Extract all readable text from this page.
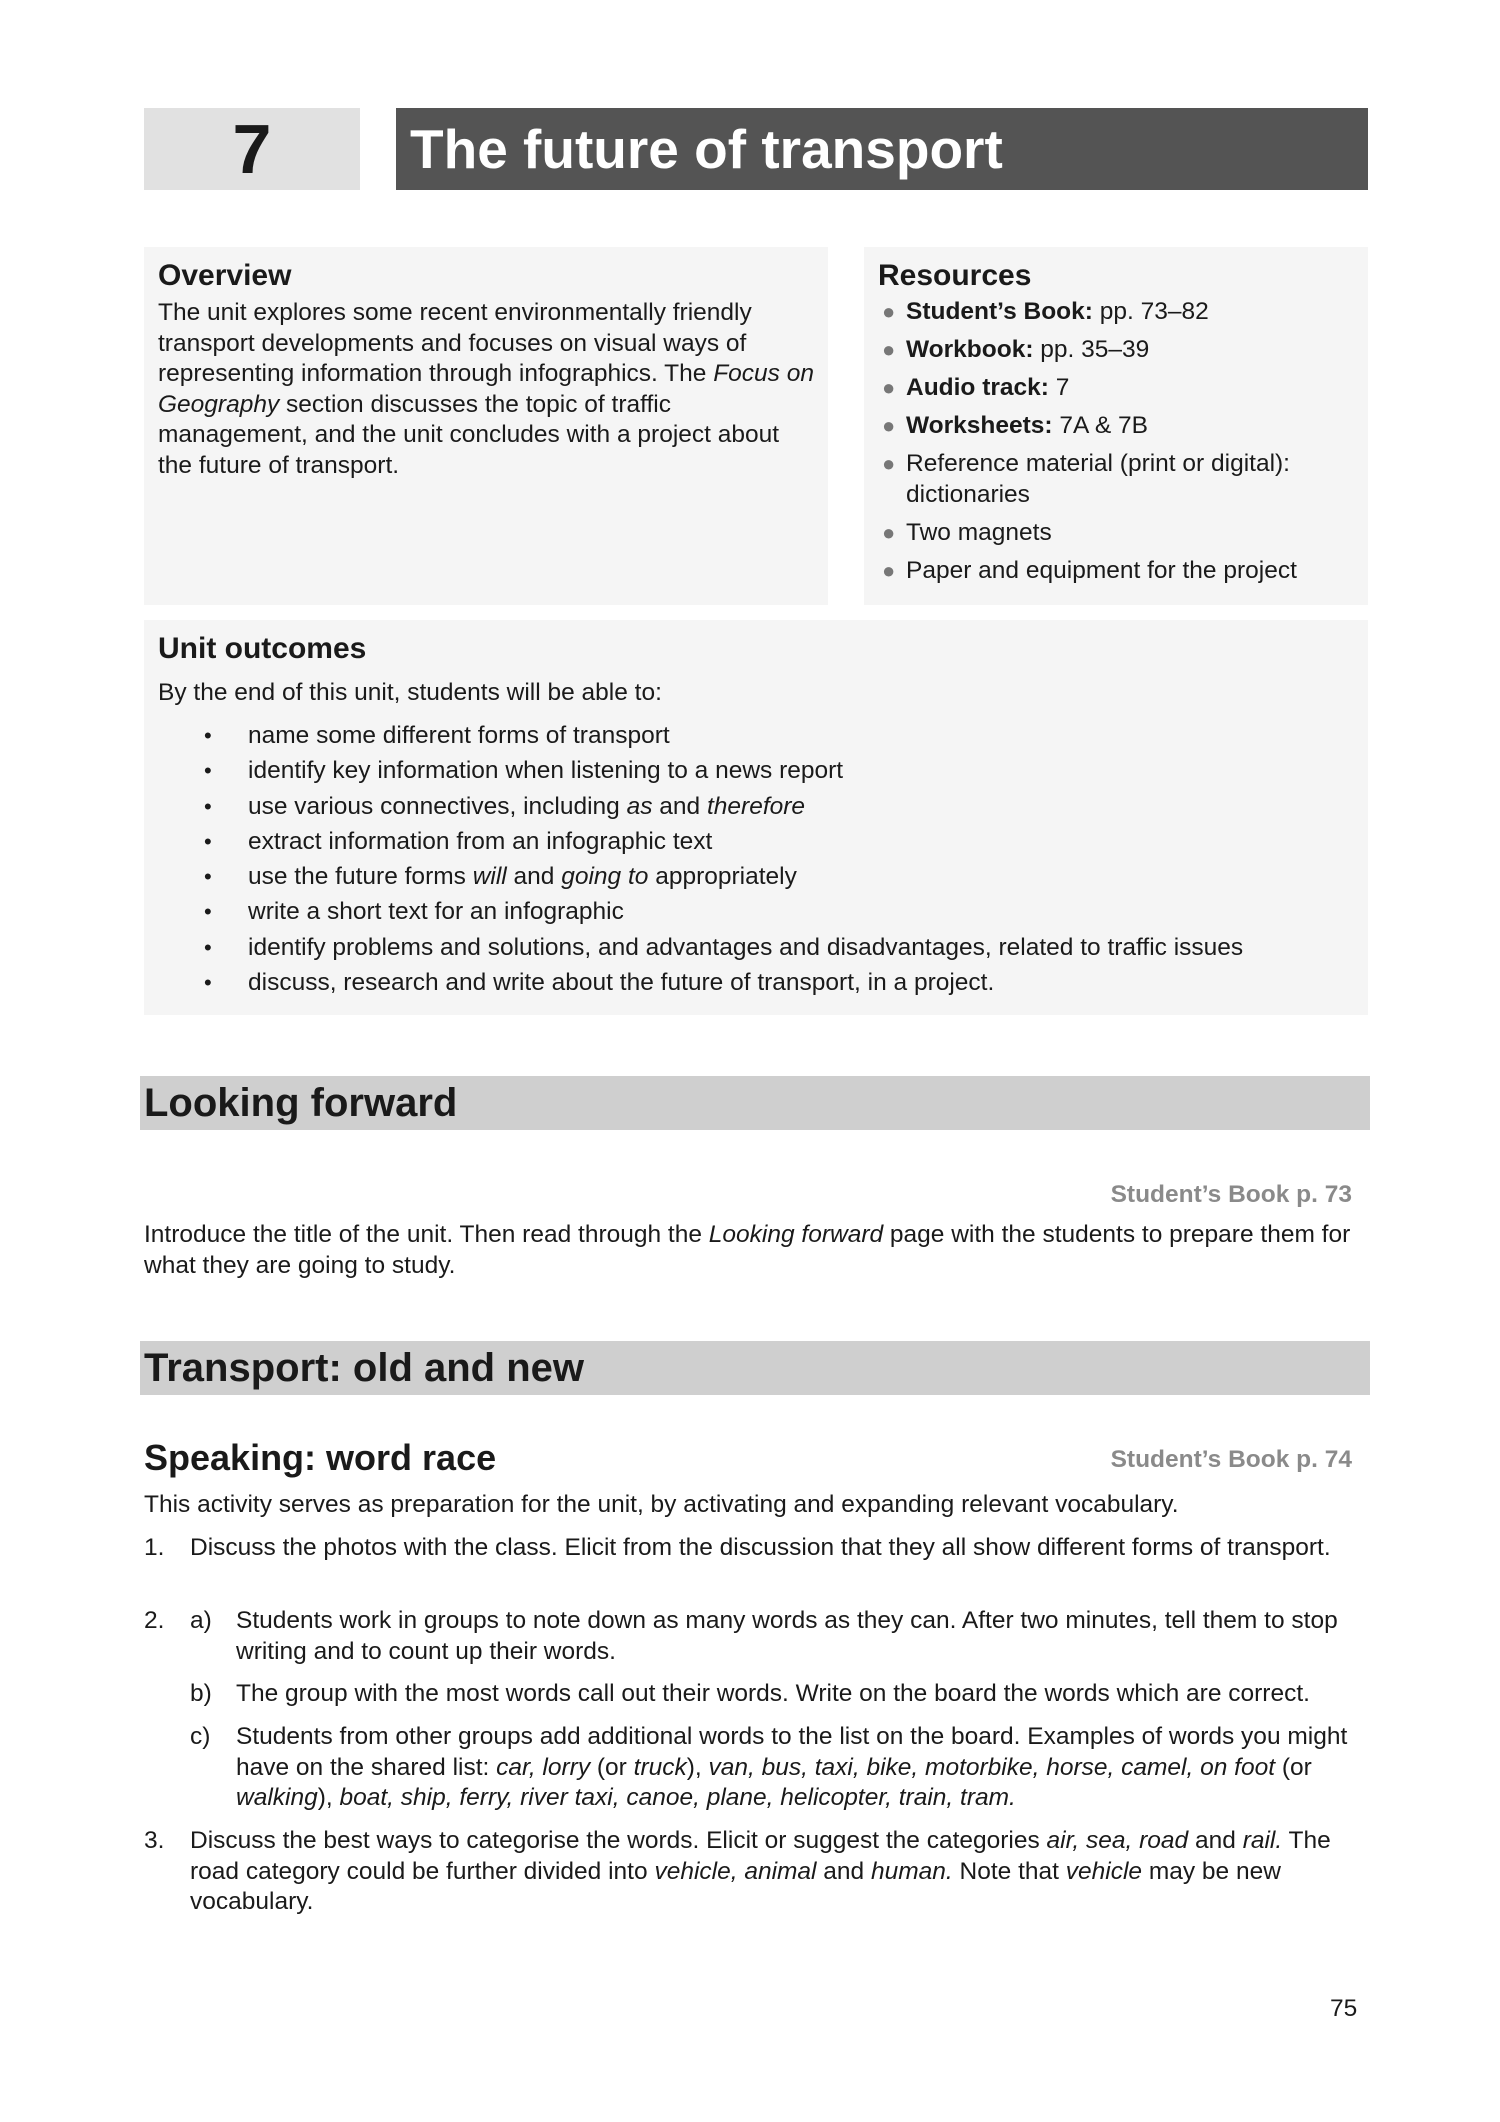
7	The future of transport
Overview
The unit explores some recent environmentally friendly transport developments and focuses on visual ways of representing information through infographics. The Focus on Geography section discusses the topic of traffic management, and the unit concludes with a project about the future of transport.
Resources
● Student’s Book: pp. 73–82
● Workbook: pp. 35–39
● Audio track: 7
● Worksheets: 7A & 7B
● Reference material (print or digital): dictionaries
● Two magnets
● Paper and equipment for the project
Unit outcomes
By the end of this unit, students will be able to:
• name some different forms of transport
• identify key information when listening to a news report
• use various connectives, including as and therefore
• extract information from an infographic text
• use the future forms will and going to appropriately
• write a short text for an infographic
• identify problems and solutions, and advantages and disadvantages, related to traffic issues
• discuss, research and write about the future of transport, in a project.
Looking forward
Student’s Book p. 73
Introduce the title of the unit. Then read through the Looking forward page with the students to prepare them for what they are going to study.
Transport: old and new
Speaking: word race	Student’s Book p. 74
This activity serves as preparation for the unit, by activating and expanding relevant vocabulary.
1. Discuss the photos with the class. Elicit from the discussion that they all show different forms of transport.
2. a) Students work in groups to note down as many words as they can. After two minutes, tell them to stop writing and to count up their words.
b) The group with the most words call out their words. Write on the board the words which are correct.
c) Students from other groups add additional words to the list on the board. Examples of words you might have on the shared list: car, lorry (or truck), van, bus, taxi, bike, motorbike, horse, camel, on foot (or walking), boat, ship, ferry, river taxi, canoe, plane, helicopter, train, tram.
3. Discuss the best ways to categorise the words. Elicit or suggest the categories air, sea, road and rail. The road category could be further divided into vehicle, animal and human. Note that vehicle may be new vocabulary.
75
